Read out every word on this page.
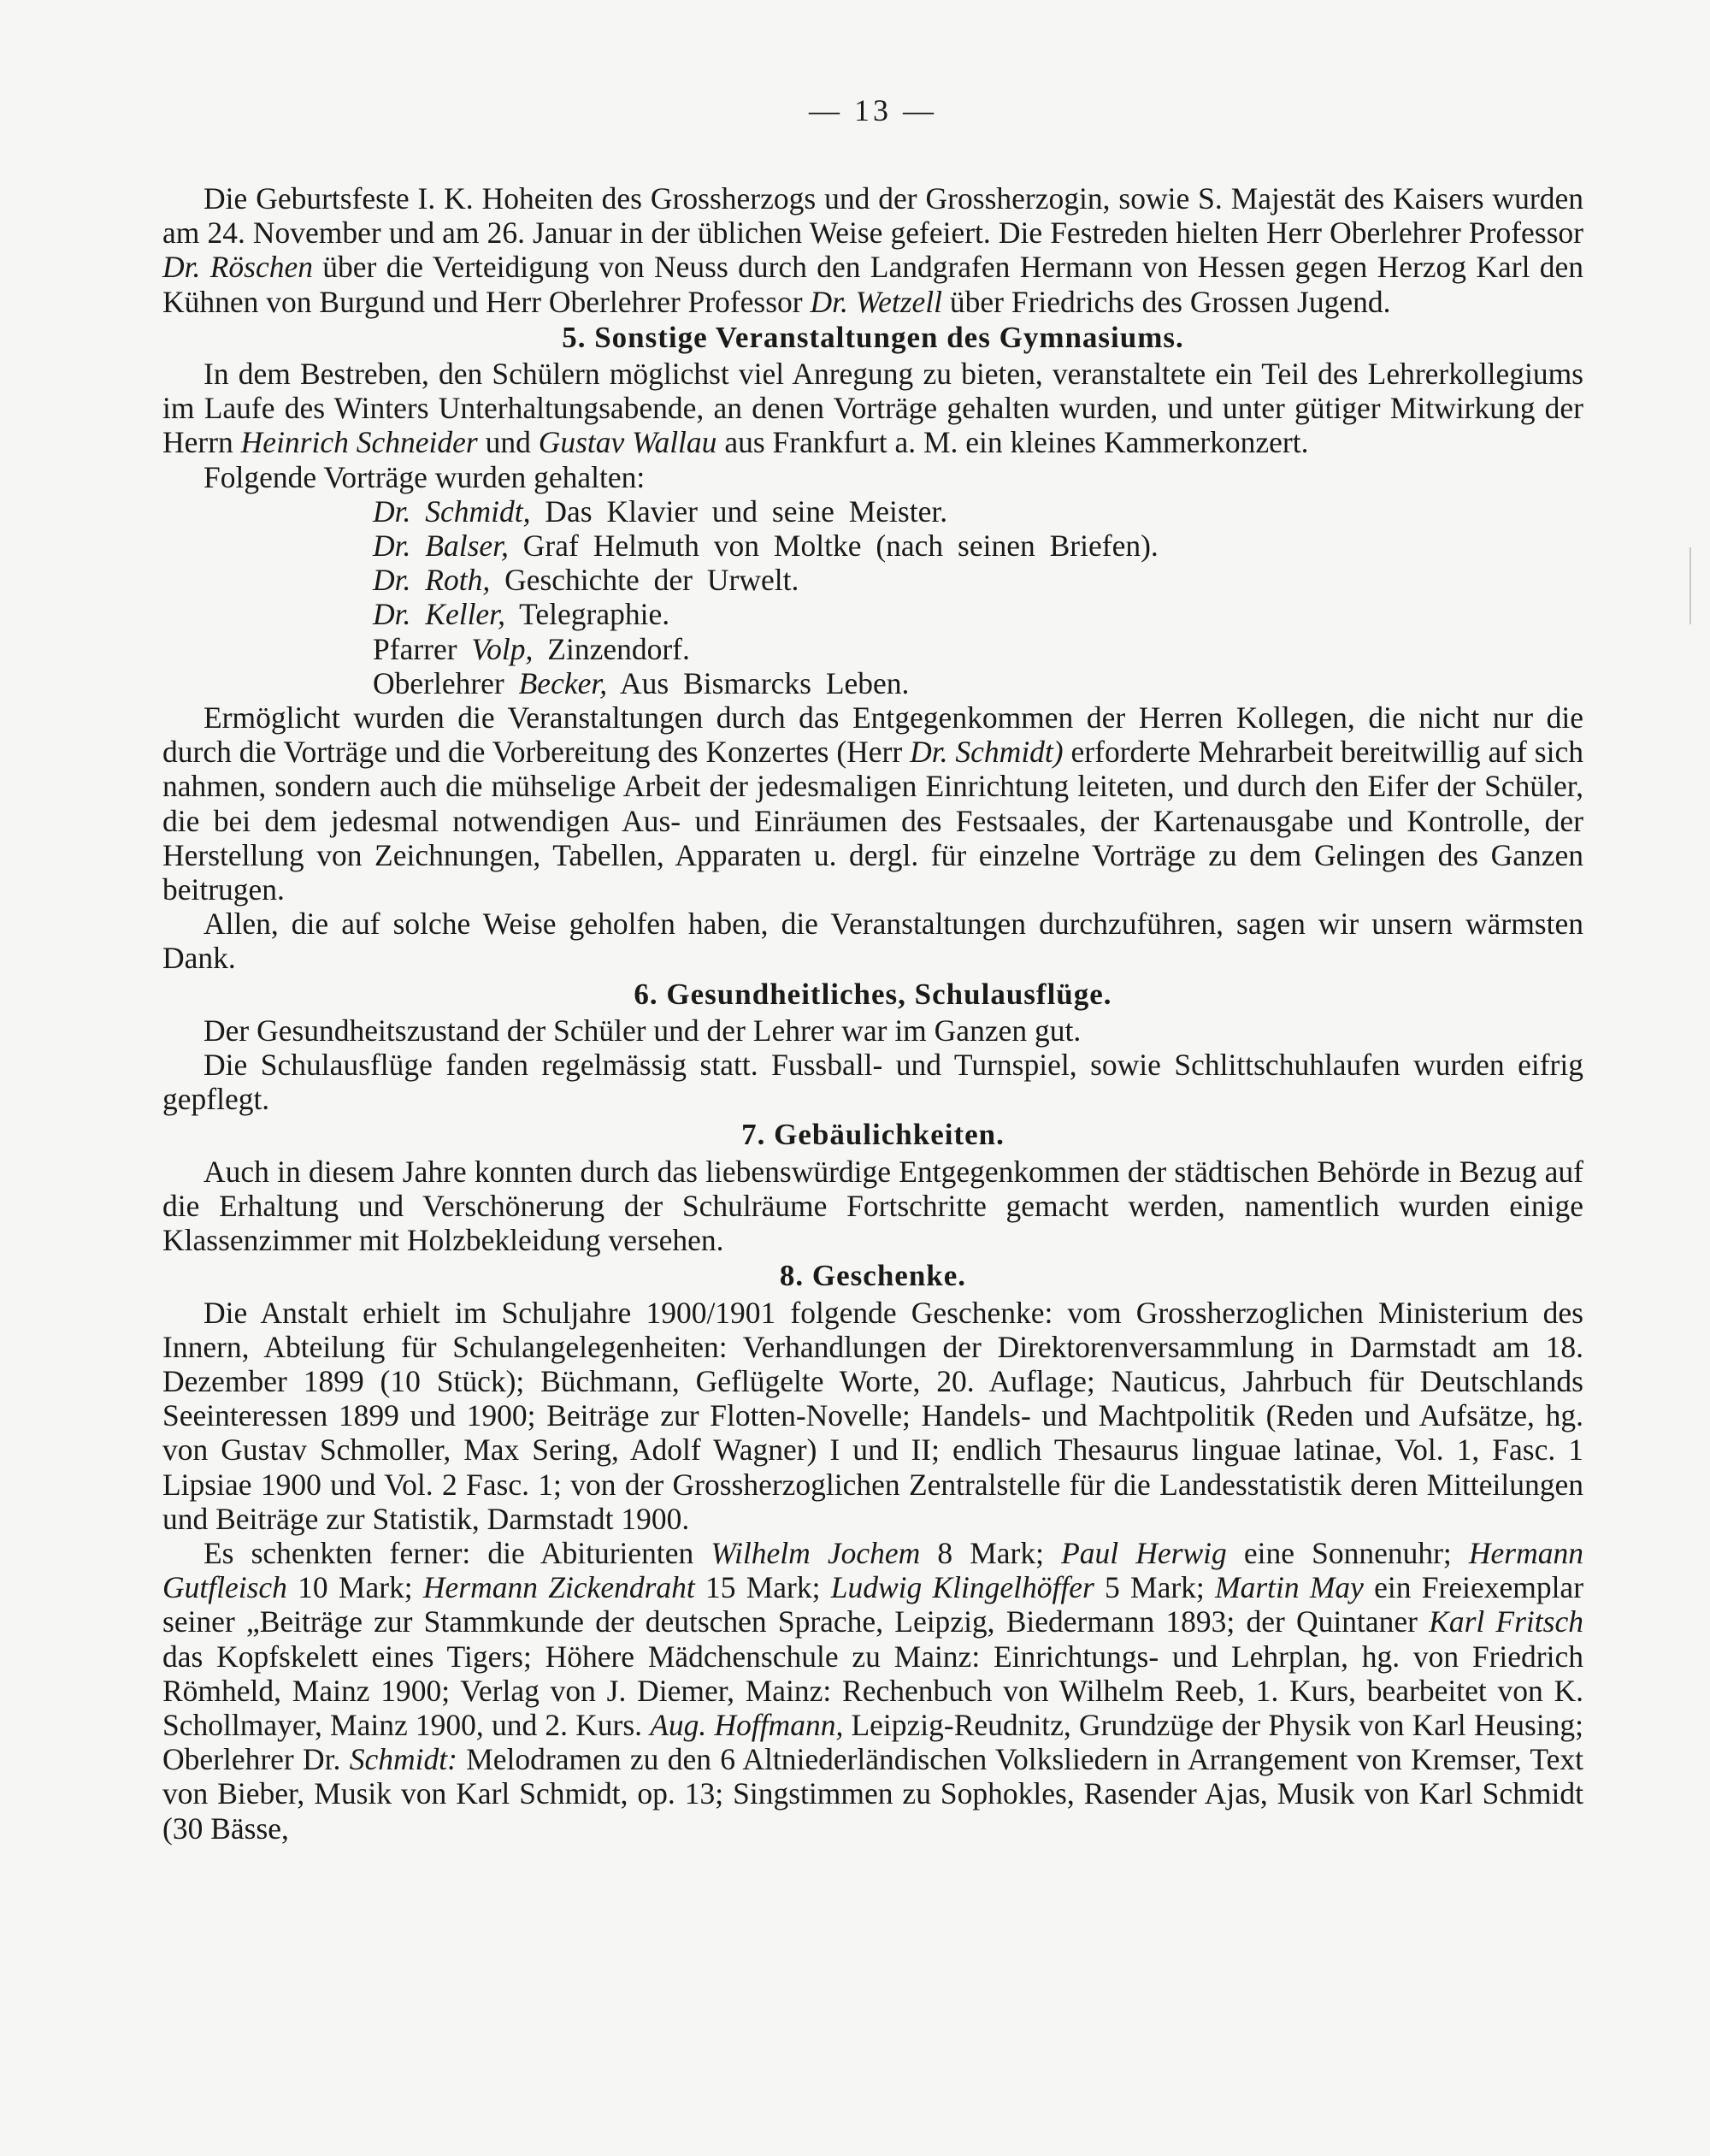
— 13 —

Die Geburtsfeste I. K. Hoheiten des Grossherzogs und der Grossherzogin, sowie S. Majestät des Kaisers wurden am 24. November und am 26. Januar in der üblichen Weise gefeiert. Die Festreden hielten Herr Oberlehrer Professor Dr. Röschen über die Verteidigung von Neuss durch den Landgrafen Hermann von Hessen gegen Herzog Karl den Kühnen von Burgund und Herr Oberlehrer Professor Dr. Wetzell über Friedrichs des Grossen Jugend.

5. Sonstige Veranstaltungen des Gymnasiums.

In dem Bestreben, den Schülern möglichst viel Anregung zu bieten, veranstaltete ein Teil des Lehrerkollegiums im Laufe des Winters Unterhaltungsabende, an denen Vorträge gehalten wurden, und unter gütiger Mitwirkung der Herrn Heinrich Schneider und Gustav Wallau aus Frankfurt a. M. ein kleines Kammerkonzert.

Folgende Vorträge wurden gehalten:

Dr. Schmidt, Das Klavier und seine Meister.
Dr. Balser, Graf Helmuth von Moltke (nach seinen Briefen).
Dr. Roth, Geschichte der Urwelt.
Dr. Keller, Telegraphie.
Pfarrer Volp, Zinzendorf.
Oberlehrer Becker, Aus Bismarcks Leben.

Ermöglicht wurden die Veranstaltungen durch das Entgegenkommen der Herren Kollegen, die nicht nur die durch die Vorträge und die Vorbereitung des Konzertes (Herr Dr. Schmidt) erforderte Mehrarbeit bereitwillig auf sich nahmen, sondern auch die mühselige Arbeit der jedesmaligen Einrichtung leiteten, und durch den Eifer der Schüler, die bei dem jedesmal notwendigen Aus- und Einräumen des Festsaales, der Kartenausgabe und Kontrolle, der Herstellung von Zeichnungen, Tabellen, Apparaten u. dergl. für einzelne Vorträge zu dem Gelingen des Ganzen beitrugen.

Allen, die auf solche Weise geholfen haben, die Veranstaltungen durchzuführen, sagen wir unsern wärmsten Dank.

6. Gesundheitliches, Schulausflüge.

Der Gesundheitszustand der Schüler und der Lehrer war im Ganzen gut.

Die Schulausflüge fanden regelmässig statt. Fussball- und Turnspiel, sowie Schlittschuhlaufen wurden eifrig gepflegt.

7. Gebäulichkeiten.

Auch in diesem Jahre konnten durch das liebenswürdige Entgegenkommen der städtischen Behörde in Bezug auf die Erhaltung und Verschönerung der Schulräume Fortschritte gemacht werden, namentlich wurden einige Klassenzimmer mit Holzbekleidung versehen.

8. Geschenke.

Die Anstalt erhielt im Schuljahre 1900/1901 folgende Geschenke: vom Grossherzoglichen Ministerium des Innern, Abteilung für Schulangelegenheiten: Verhandlungen der Direktorenversammlung in Darmstadt am 18. Dezember 1899 (10 Stück); Büchmann, Geflügelte Worte, 20. Auflage; Nauticus, Jahrbuch für Deutschlands Seeinteressen 1899 und 1900; Beiträge zur Flotten-Novelle; Handels- und Machtpolitik (Reden und Aufsätze, hg. von Gustav Schmoller, Max Sering, Adolf Wagner) I und II; endlich Thesaurus linguae latinae, Vol. 1, Fasc. 1 Lipsiae 1900 und Vol. 2 Fasc. 1; von der Grossherzoglichen Zentralstelle für die Landesstatistik deren Mitteilungen und Beiträge zur Statistik, Darmstadt 1900.

Es schenkten ferner: die Abiturienten Wilhelm Jochem 8 Mark; Paul Herwig eine Sonnenuhr; Hermann Gutfleisch 10 Mark; Hermann Zickendraht 15 Mark; Ludwig Klingelhöffer 5 Mark; Martin May ein Freiexemplar seiner „Beiträge zur Stammkunde der deutschen Sprache, Leipzig, Biedermann 1893; der Quintaner Karl Fritsch das Kopfskelett eines Tigers; Höhere Mädchenschule zu Mainz: Einrichtungs- und Lehrplan, hg. von Friedrich Römheld, Mainz 1900; Verlag von J. Diemer, Mainz: Rechenbuch von Wilhelm Reeb, 1. Kurs, bearbeitet von K. Schollmayer, Mainz 1900, und 2. Kurs. Aug. Hoffmann, Leipzig-Reudnitz, Grundzüge der Physik von Karl Heusing; Oberlehrer Dr. Schmidt: Melodramen zu den 6 Altniederländischen Volksliedern in Arrangement von Kremser, Text von Bieber, Musik von Karl Schmidt, op. 13; Singstimmen zu Sophokles, Rasender Ajas, Musik von Karl Schmidt (30 Bässe,
